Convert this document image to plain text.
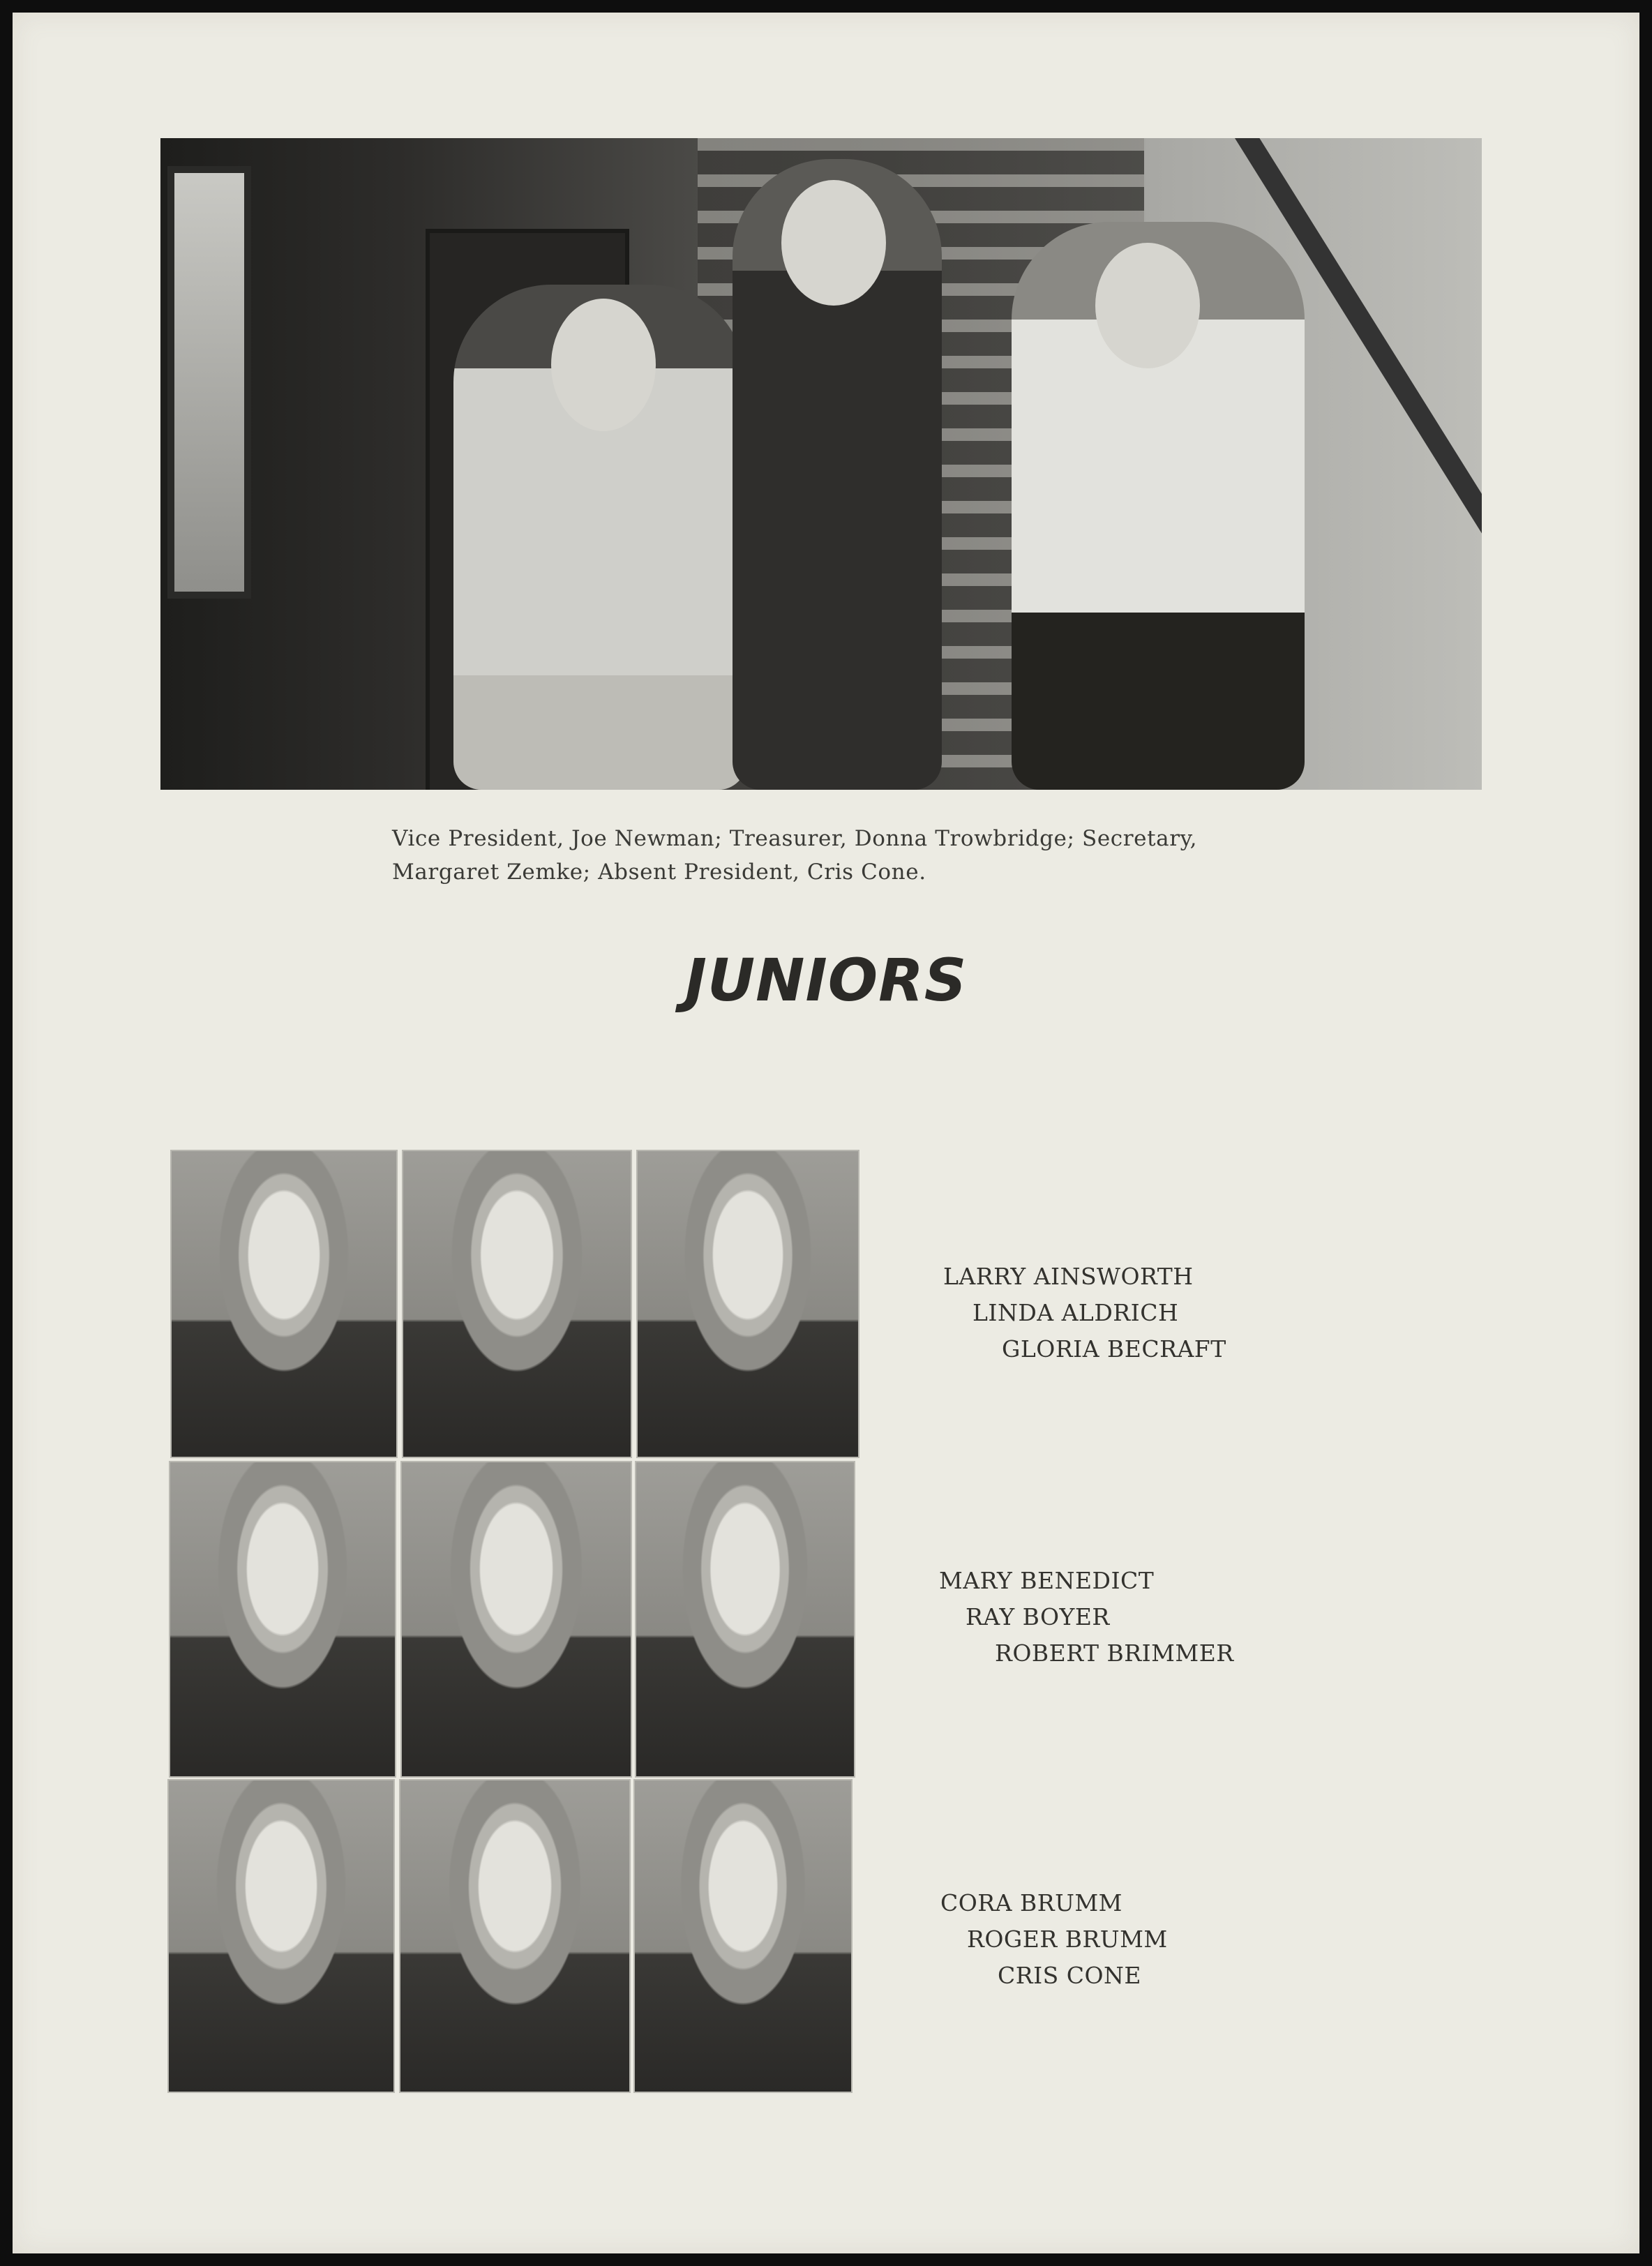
Vice President, Joe Newman; Treasurer, Donna Trowbridge; Secretary,
Margaret Zemke; Absent President, Cris Cone.
JUNIORS
LARRY AINSWORTH
LINDA ALDRICH
GLORIA BECRAFT
MARY BENEDICT
RAY BOYER
ROBERT BRIMMER
CORA BRUMM
ROGER BRUMM
CRIS CONE
